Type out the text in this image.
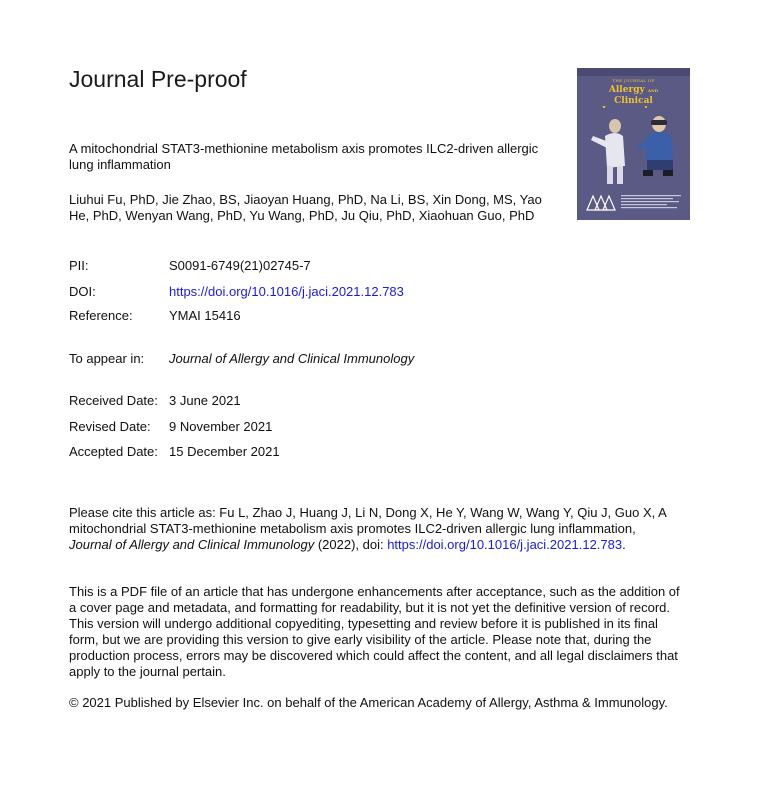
Journal Pre-proof
A mitochondrial STAT3-methionine metabolism axis promotes ILC2-driven allergic lung inflammation
Liuhui Fu, PhD, Jie Zhao, BS, Jiaoyan Huang, PhD, Na Li, BS, Xin Dong, MS, Yao He, PhD, Wenyan Wang, PhD, Yu Wang, PhD, Ju Qiu, PhD, Xiaohuan Guo, PhD
THE JOURNAL OF
Allergy AND
Clinical

PII:	S0091-6749(21)02745-7
DOI:	https://doi.org/10.1016/j.jaci.2021.12.783
Reference:	YMAI 15416
To appear in: Journal of Allergy and Clinical Immunology
Received Date: 3 June 2021
Revised Date: 9 November 2021
Accepted Date: 15 December 2021
Please cite this article as: Fu L, Zhao J, Huang J, Li N, Dong X, He Y, Wang W, Wang Y, Qiu J, Guo X, A mitochondrial STAT3-methionine metabolism axis promotes ILC2-driven allergic lung inflammation,
Journal of Allergy and Clinical Immunology (2022), doi: https://doi.org/10.1016/j.jaci.2021.12.783.
This is a PDF file of an article that has undergone enhancements after acceptance, such as the addition of a cover page and metadata, and formatting for readability, but it is not yet the definitive version of record. This version will undergo additional copyediting, typesetting and review before it is published in its final form, but we are providing this version to give early visibility of the article. Please note that, during the production process, errors may be discovered which could affect the content, and all legal disclaimers that apply to the journal pertain.
© 2021 Published by Elsevier Inc. on behalf of the American Academy of Allergy, Asthma & Immunology.
